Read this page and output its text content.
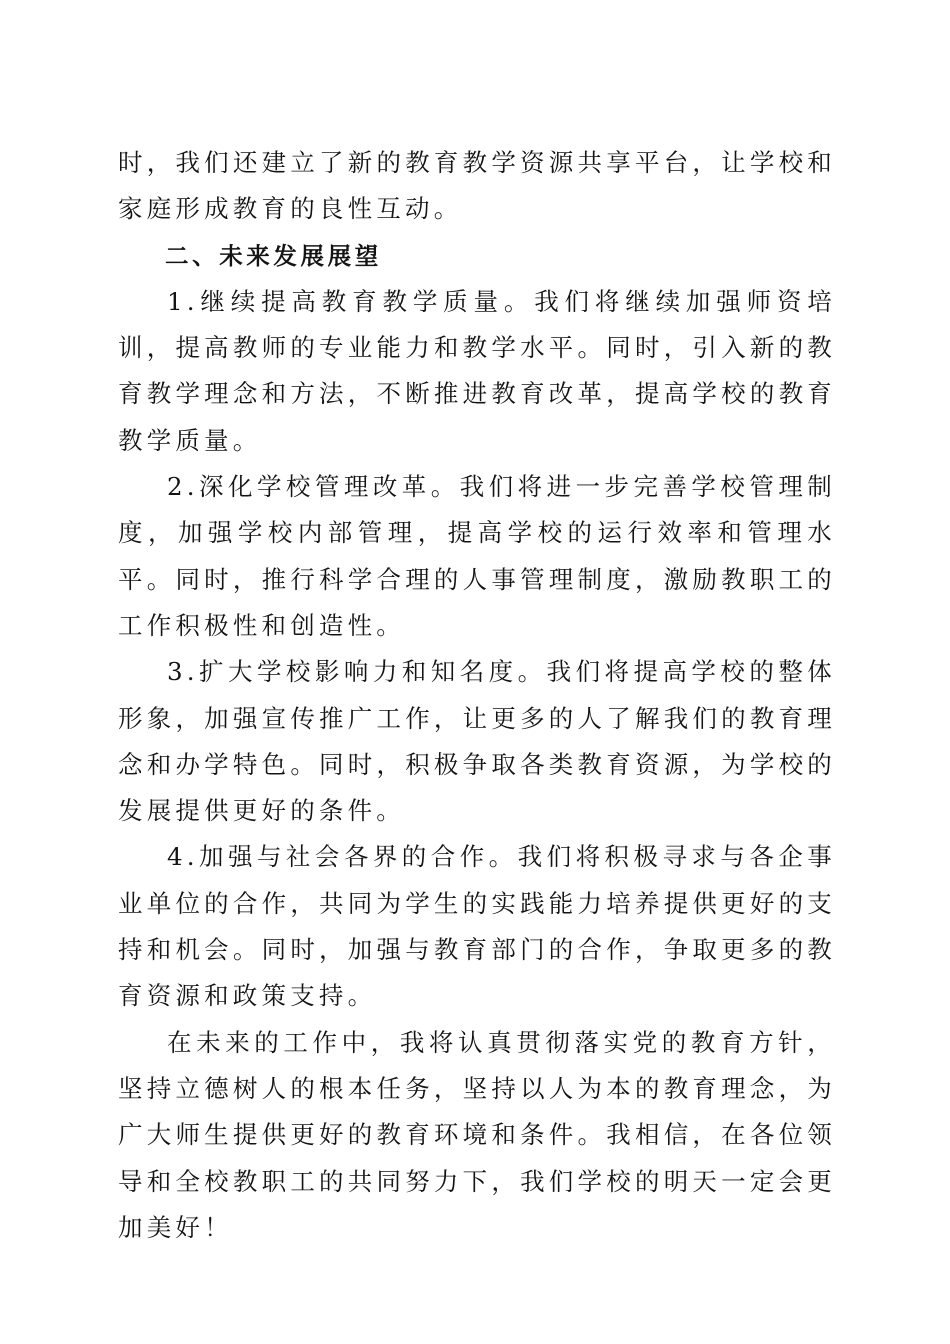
时，我们还建立了新的教育教学资源共享平台，让学校和家庭形成教育的良性互动。

二、未来发展展望

1.继续提高教育教学质量。我们将继续加强师资培训，提高教师的专业能力和教学水平。同时，引入新的教育教学理念和方法，不断推进教育改革，提高学校的教育教学质量。

2.深化学校管理改革。我们将进一步完善学校管理制度，加强学校内部管理，提高学校的运行效率和管理水平。同时，推行科学合理的人事管理制度，激励教职工的工作积极性和创造性。

3.扩大学校影响力和知名度。我们将提高学校的整体形象，加强宣传推广工作，让更多的人了解我们的教育理念和办学特色。同时，积极争取各类教育资源，为学校的发展提供更好的条件。

4.加强与社会各界的合作。我们将积极寻求与各企事业单位的合作，共同为学生的实践能力培养提供更好的支持和机会。同时，加强与教育部门的合作，争取更多的教育资源和政策支持。

在未来的工作中，我将认真贯彻落实党的教育方针，坚持立德树人的根本任务，坚持以人为本的教育理念，为广大师生提供更好的教育环境和条件。我相信，在各位领导和全校教职工的共同努力下，我们学校的明天一定会更加美好！
